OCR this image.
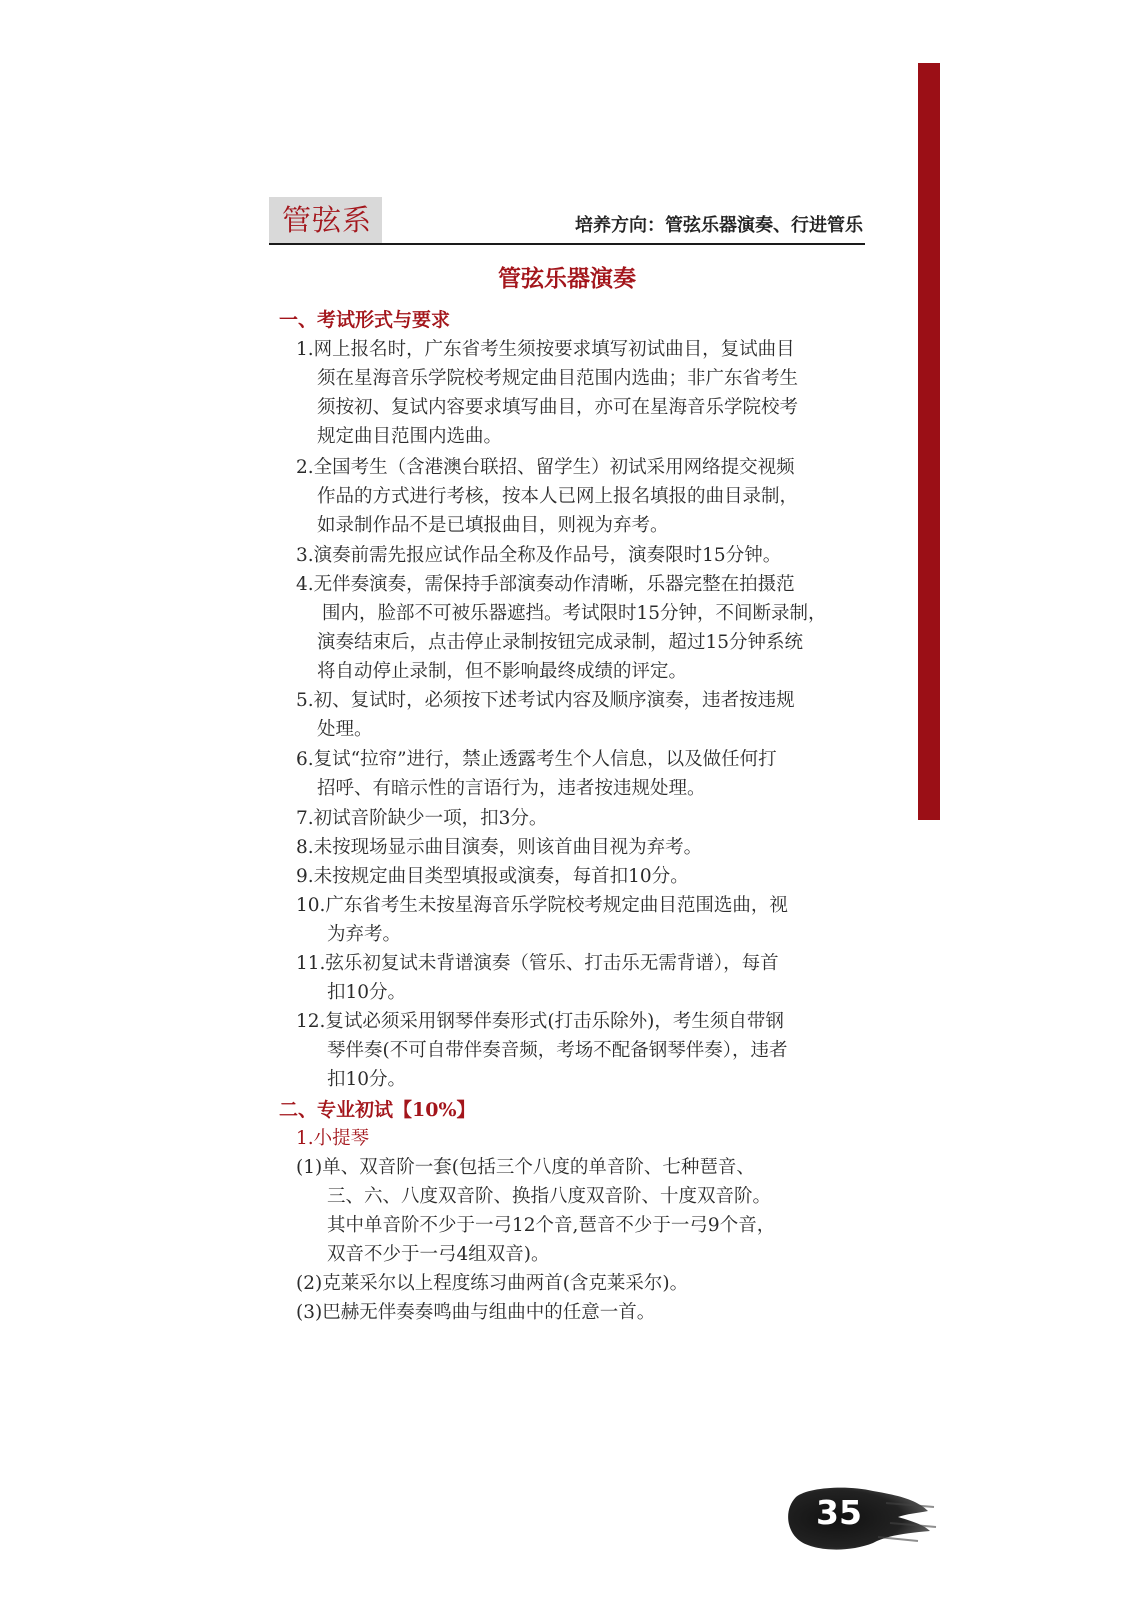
管弦系	培养方向：管弦乐器演奏、行进管乐
管弦乐器演奏
一、考试形式与要求
1.网上报名时，广东省考生须按要求填写初试曲目，复试曲目
须在星海音乐学院校考规定曲目范围内选曲；非广东省考生
须按初、复试内容要求填写曲目，亦可在星海音乐学院校考
规定曲目范围内选曲。
2.全国考生（含港澳台联招、留学生）初试采用网络提交视频
作品的方式进行考核，按本人已网上报名填报的曲目录制，
如录制作品不是已填报曲目，则视为弃考。
3.演奏前需先报应试作品全称及作品号，演奏限时15分钟。
4.无伴奏演奏，需保持手部演奏动作清晰，乐器完整在拍摄范
围内，脸部不可被乐器遮挡。考试限时15分钟，不间断录制，
演奏结束后，点击停止录制按钮完成录制，超过15分钟系统
将自动停止录制，但不影响最终成绩的评定。
5.初、复试时，必须按下述考试内容及顺序演奏，违者按违规
处理。
6.复试“拉帘”进行，禁止透露考生个人信息，以及做任何打
招呼、有暗示性的言语行为，违者按违规处理。
7.初试音阶缺少一项，扣3分。
8.未按现场显示曲目演奏，则该首曲目视为弃考。
9.未按规定曲目类型填报或演奏，每首扣10分。
10.广东省考生未按星海音乐学院校考规定曲目范围选曲，视
为弃考。
11.弦乐初复试未背谱演奏（管乐、打击乐无需背谱），每首
扣10分。
12.复试必须采用钢琴伴奏形式(打击乐除外)，考生须自带钢
琴伴奏(不可自带伴奏音频，考场不配备钢琴伴奏），违者
扣10分。
二、专业初试【10%】
1.小提琴
(1)单、双音阶一套(包括三个八度的单音阶、七种琶音、
三、六、八度双音阶、换指八度双音阶、十度双音阶。
其中单音阶不少于一弓12个音,琶音不少于一弓9个音，
双音不少于一弓4组双音)。
(2)克莱采尔以上程度练习曲两首(含克莱采尔)。
(3)巴赫无伴奏奏鸣曲与组曲中的任意一首。
35
